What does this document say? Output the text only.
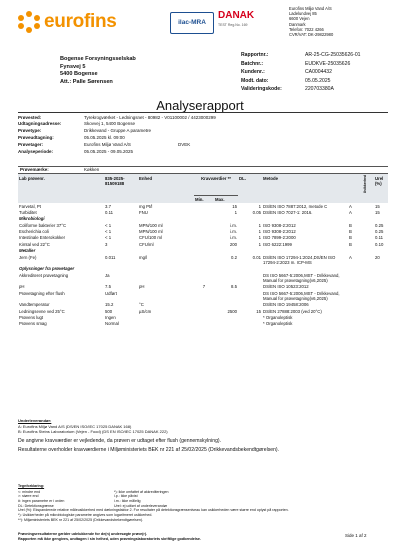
eurofins	ilac-MRA
DANAK
TEST Reg.No. 169
Eurofins Miljø Vand A/S
Ladelundvej 85
6600 Vejen
Danmark
Telefon: 7022 4266
CVR/VAT: DK-29822980
Bogense Forsyningsselskab
Fynsvej 5
5400 Bogense
Att.: Palle Sørensen
Rapportnr.:	AR-25-CG-25035626-01
Batchnr.:	EUDKVE-25035626
Kundenr.:	CA0004432
Modt. dato:	05.05.2025
Valideringskode:	220703380A
Analyserapport
Prøvested:	Tyrekrogværket - Ledningsnet - 80982 - V01100002 / 4423000299
Udtagningsadresse:	Skovvej 1, 5400 Bogense
Prøvetype:	Drikkevand - Gruppe A parametre
Prøveudtagning:	05.05.2025 kl. 09:00
Prøvetager:	Eurofins Miljø Vand A/S	DVEK
Analyseperiode:	05.05.2025 - 09.05.2025
Prøvemærke:	Køkken
Lab prøvenr.	835-2025-
81509188	Enhed	Kravværdier **		DL.	Metode		Usikkerhed	Urel (%)
			Min.	Max.					
Farvetal, Pt	3.7	mg Pt/l		15	1	DS/EN ISO 7887:2012, metode C	A		15
Turbiditet	0.11	FNU		1	0.05	DS/EN ISO 7027-1: 2016.	A		15
Mikrobiologi									
Coliforme bakterier 37°C	< 1	MPN/100 ml		i.m.	1	ISO 9308-2:2012	B		0.25
Escherichia coli	< 1	MPN/100 ml		i.m.	1	ISO 9308-2:2012	B		0.25
Intestinale Enterokokker	< 1	CFU/100 ml		i.m.	1	ISO 7899-2:2000	B		0.11
Kimtal ved 22°C	3	CFU/ml		200	1	ISO 6222:1999	B		0.10
Metaller									
Jern (Fe)	0.011	mg/l		0.2	0.01	DS/EN ISO 17294-1:2024,DS/EN ISO 17294-2:2023 m. ICP-MS	A		20
Oplysninger fra prøvetager									
Akkrediteret prøvetagning	Ja					DS ISO 5667-5:2006,MST - Drikkevand, Manual for prøvetagning(v6,2025)			
pH	7.5	pH	7	8.5		DS/EN ISO 10523:2012			
Prøvetagning efter flush	Udført					DS ISO 5667-5:2006,MST - Drikkevand, Manual for prøvetagning(v6,2025)			
Vandtemperatur	15.2	°C				DS/EN ISO 19458:2006			
Ledningsevne ved 25°C	500	µS/cm		2500	15	DS/EN 27888:2003 (ved 20°C)			
Prøvens lugt	Ingen					* Organoleptisk			
Prøvens smag	Normal					* Organoleptisk			
Underleverandør:
A: Eurofins Miljø Vand A/S (DS/EN ISO/IEC 17025 DANAK 168)
B: Eurofins Steins Laboratorium (Vejen - Food) (DS EN ISO/IEC 17025 DANAK 222)
De angivne kravværdier er vejledende, da prøven er udtaget efter flush (gennemskylning).
Resultaterne overholder kravværdierne i Miljøministeriets BEK nr 221 af 25/02/2025 (Drikkevandsbekendtgørelsen).
Tegnforklaring:
<: mindre end	*): ikke omfattet af akkrediteringen
>: større end	i.p.: ikke påvist
#: ingen parametre er i orden	i.m.: ikke målelig
DL: Detektionsgrænse	Urel: ej udført af underleverandør
Urel (%): Ekspanderede relative måleusikkerhed med dækningsfaktor 2. For resultater på detektionsgrænseniveau kan usikkerheden være større end oplyst på rapporten.
*): Usikkerheder på mikrobiologiske parametre angives som logaritmeret usikkerhed.
**): Miljøministeriets BEK nr 221 af 25/02/2025 (Drikkevandsbekendtgørelsen).
Prøvningsresultaterne gælder udelukkende for de(n) undersøgte prøve(r).
Rapporten må ikke gengives, undtagen i sin helhed, uden prøvningslaboratoriets skriftlige godkendelse.
Side 1 af 2
